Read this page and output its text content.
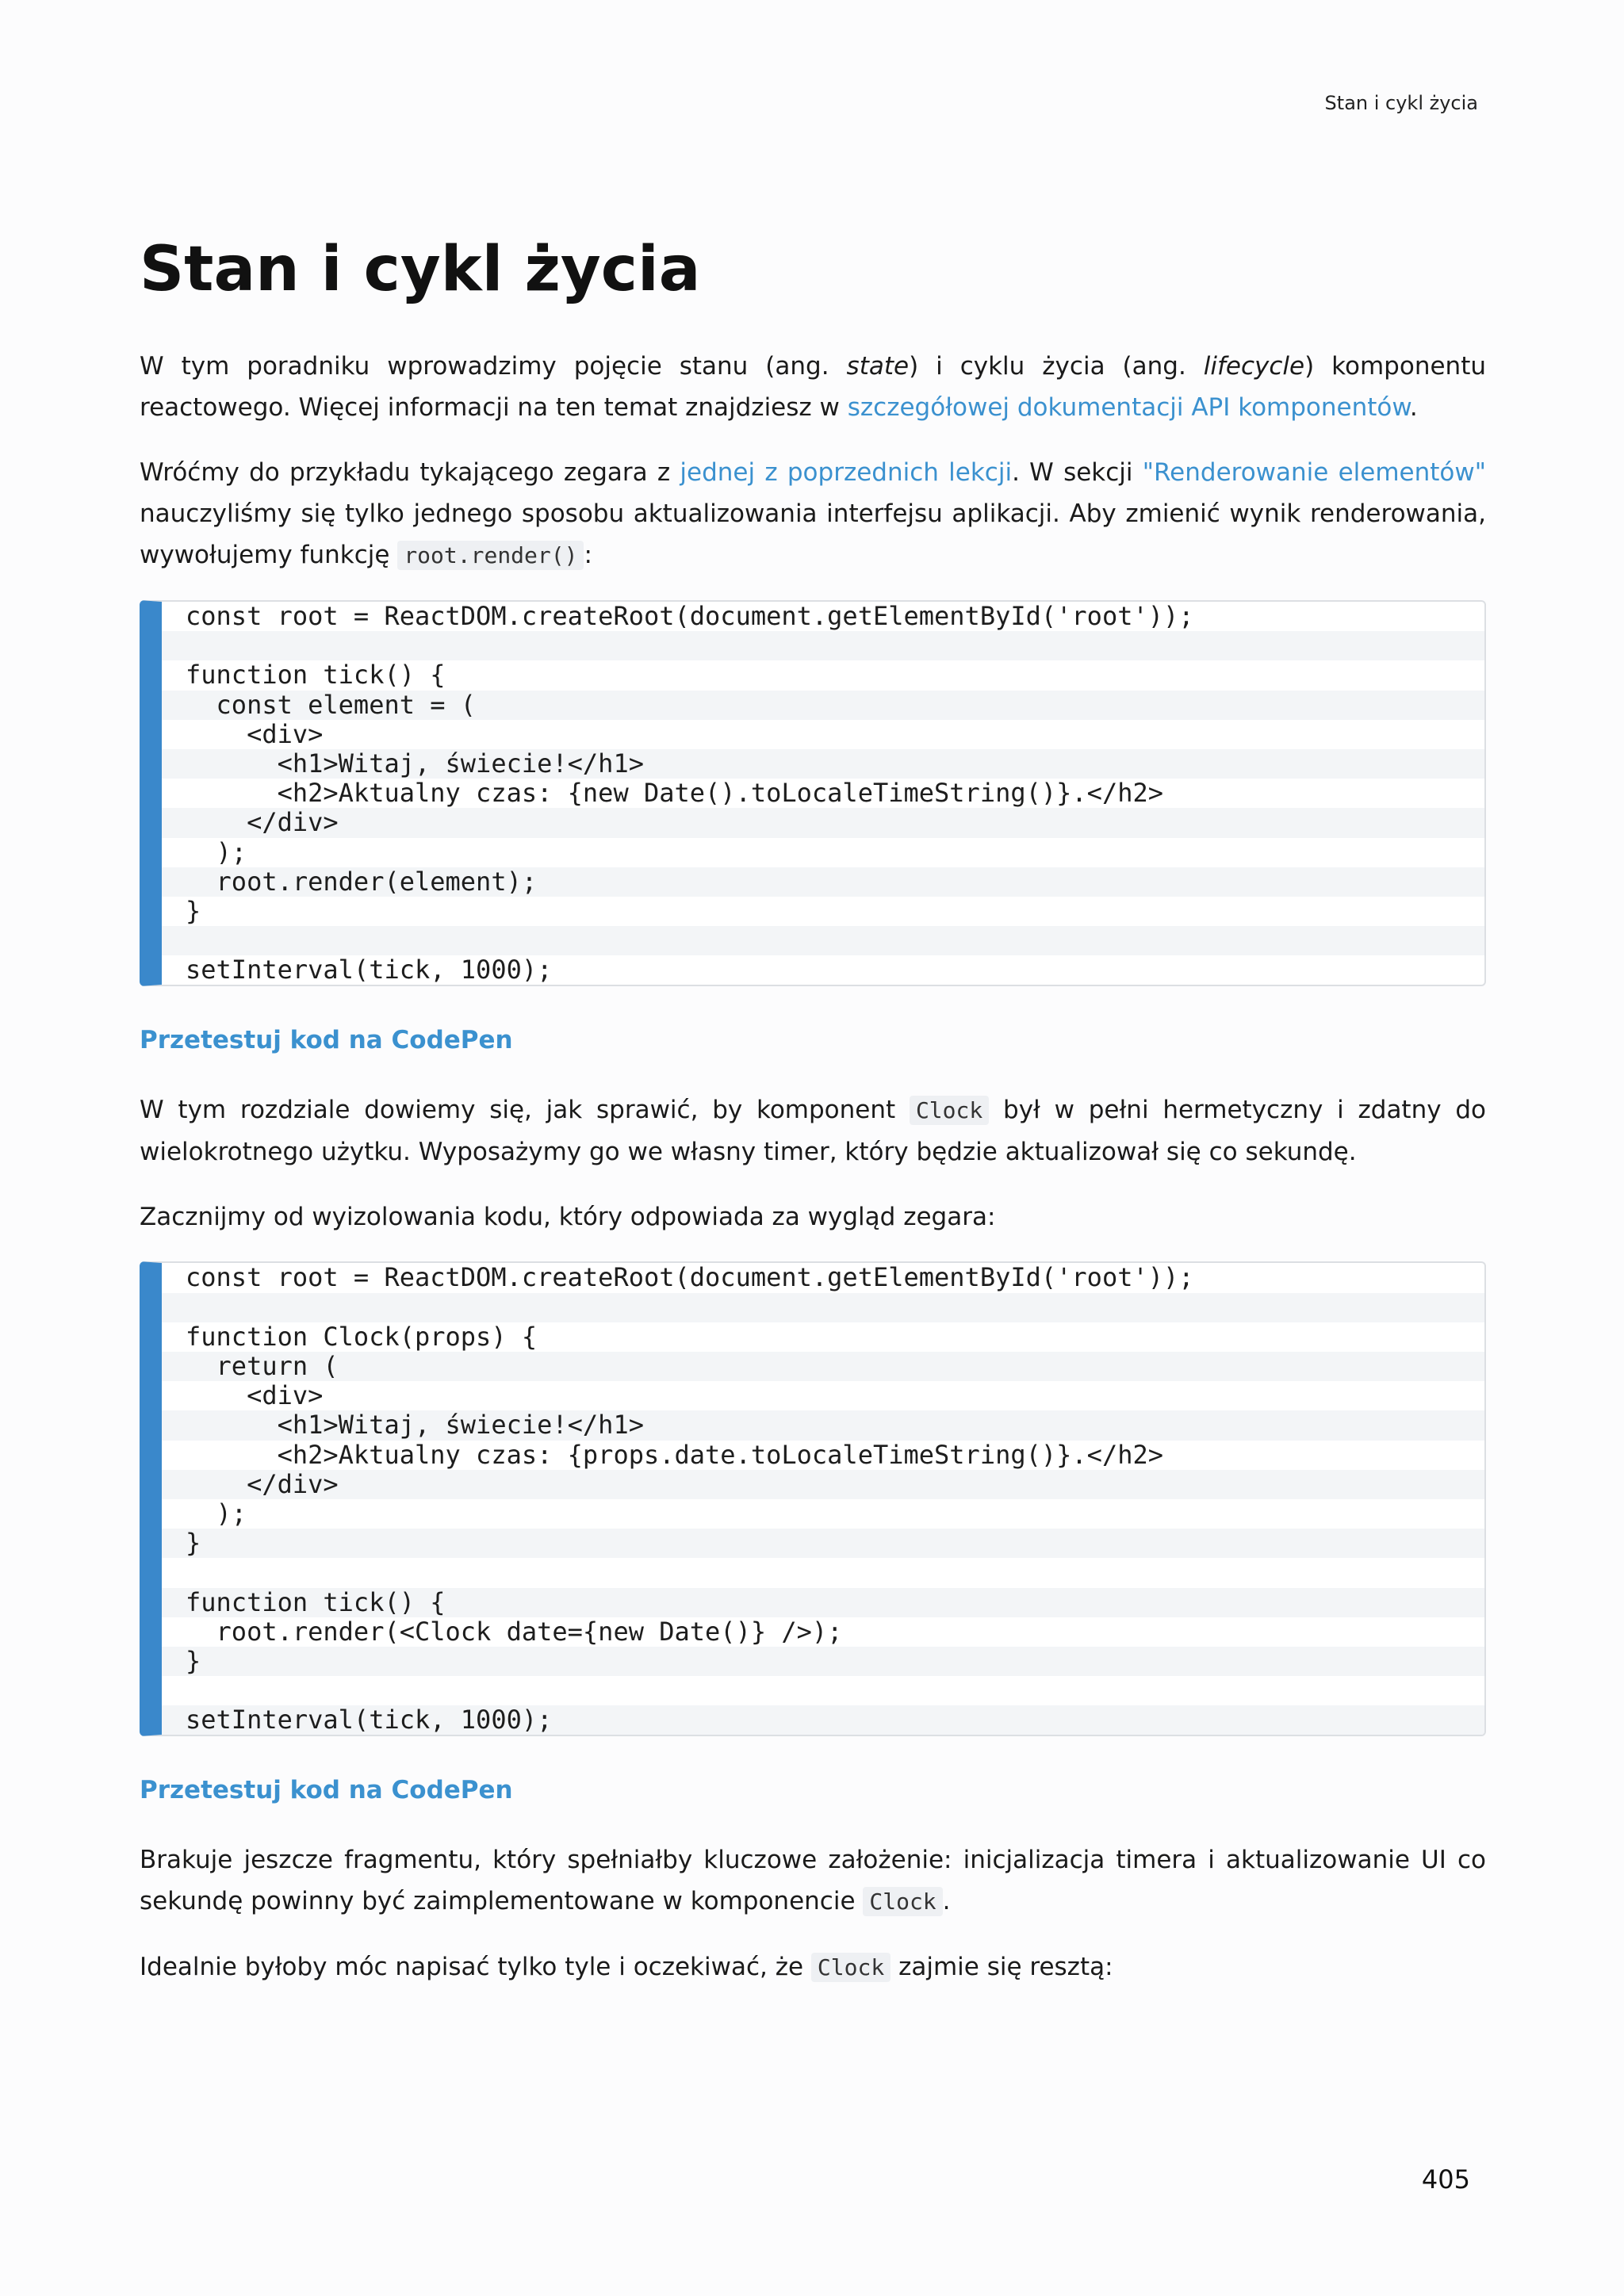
Stan i cykl życia
Stan i cykl życia

W tym poradniku wprowadzimy pojęcie stanu (ang. state) i cyklu życia (ang. lifecycle) komponentu reactowego. Więcej informacji na ten temat znajdziesz w szczegółowej dokumentacji API komponentów.

Wróćmy do przykładu tykającego zegara z jednej z poprzednich lekcji. W sekcji "Renderowanie elementów" nauczyliśmy się tylko jednego sposobu aktualizowania interfejsu aplikacji. Aby zmienić wynik renderowania, wywołujemy funkcję root.render() :

const root = ReactDOM.createRoot(document.getElementById('root'));
function tick() {
const element = (
<div>
<h1>Witaj, świecie!</h1>
<h2>Aktualny czas: {new Date().toLocaleTimeString()}.</h2>
</div>
);
root.render(element);
}
setInterval(tick, 1000);
Przetestuj kod na CodePen

W tym rozdziale dowiemy się, jak sprawić, by komponent Clock był w pełni hermetyczny i zdatny do wielokrotnego użytku. Wyposażymy go we własny timer, który będzie aktualizował się co sekundę.

Zacznijmy od wyizolowania kodu, który odpowiada za wygląd zegara:

const root = ReactDOM.createRoot(document.getElementById('root'));
function Clock(props) {
return (
<div>
<h1>Witaj, świecie!</h1>
<h2>Aktualny czas: {props.date.toLocaleTimeString()}.</h2>
</div>
);
}
function tick() {
root.render(<Clock date={new Date()} />);
}
setInterval(tick, 1000);
Przetestuj kod na CodePen

Brakuje jeszcze fragmentu, który spełniałby kluczowe założenie: inicjalizacja timera i aktualizowanie UI co sekundę powinny być zaimplementowane w komponencie Clock .

Idealnie byłoby móc napisać tylko tyle i oczekiwać, że Clock zajmie się resztą:

405
